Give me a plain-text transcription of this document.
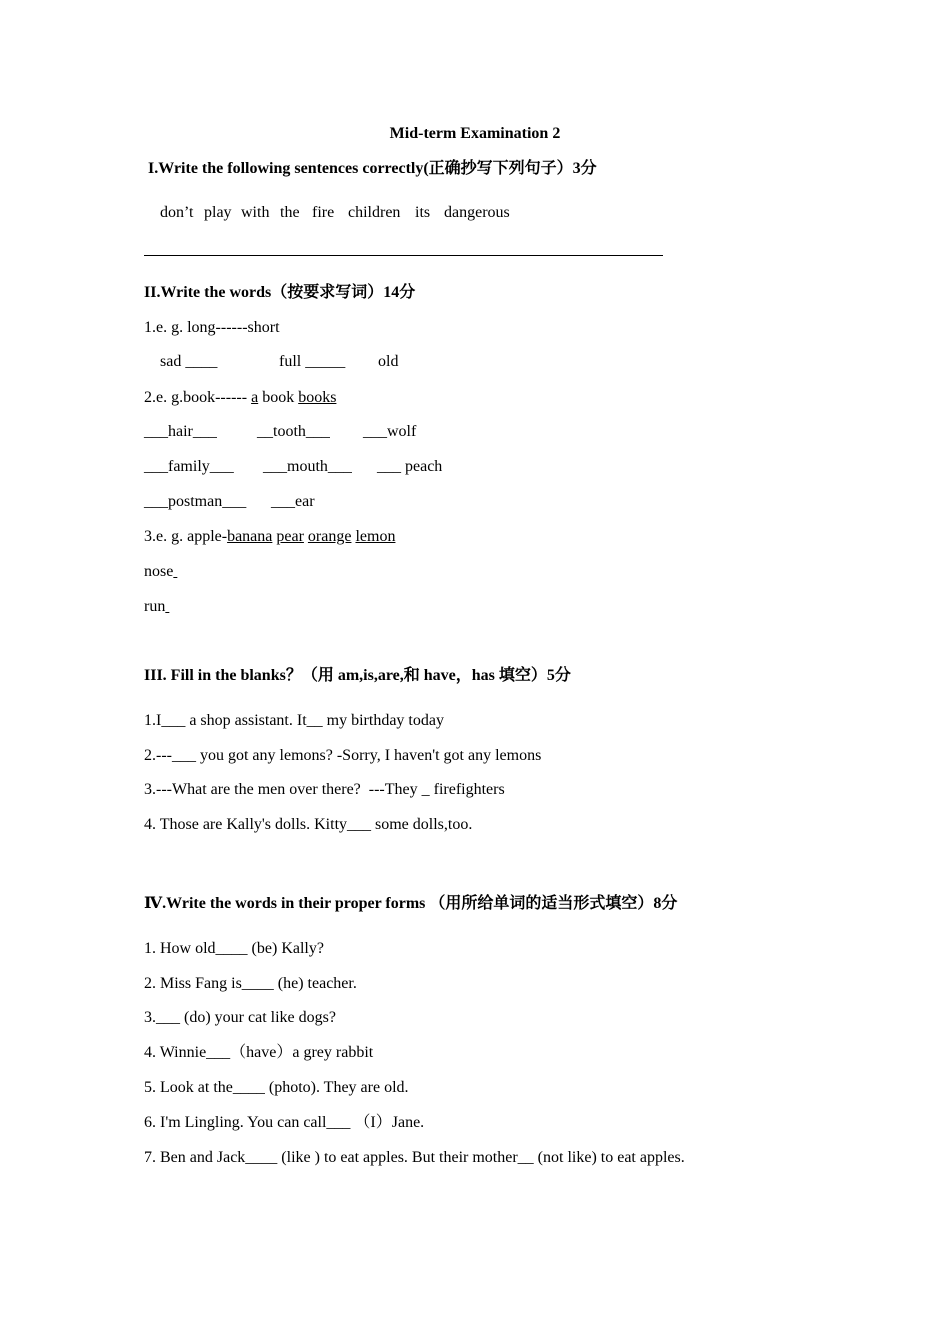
Mid-term Examination 2
I.Write the following sentences correctly(正确抄写下列句子）3分
don’t play with the fire children its dangerous
II.Write the words（按要求写词）14分
1.e. g. long------short
sad ____	full _____ old
2.e. g.book------ a book books
___hair___	__tooth___ ___wolf
___family___ ___mouth___ ___ peach
___postman___ ___ear
3.e. g. apple-banana pear orange lemon
nose
run
III. Fill in the blanks？（用 am,is,are,和 have，has 填空）5分
1.I___ a shop assistant. It__ my birthday today
2.---___ you got any lemons? -Sorry, I haven't got any lemons
3.---What are the men over there?  ---They _ firefighters
4. Those are Kally's dolls. Kitty___ some dolls,too.
Ⅳ.Write the words in their proper forms （用所给单词的适当形式填空）8分
1. How old____ (be) Kally?
2. Miss Fang is____ (he) teacher.
3.___ (do) your cat like dogs?
4. Winnie___（have）a grey rabbit
5. Look at the____ (photo). They are old.
6. I'm Lingling. You can call___ （I）Jane.
7. Ben and Jack____ (like ) to eat apples. But their mother__ (not like) to eat apples.
